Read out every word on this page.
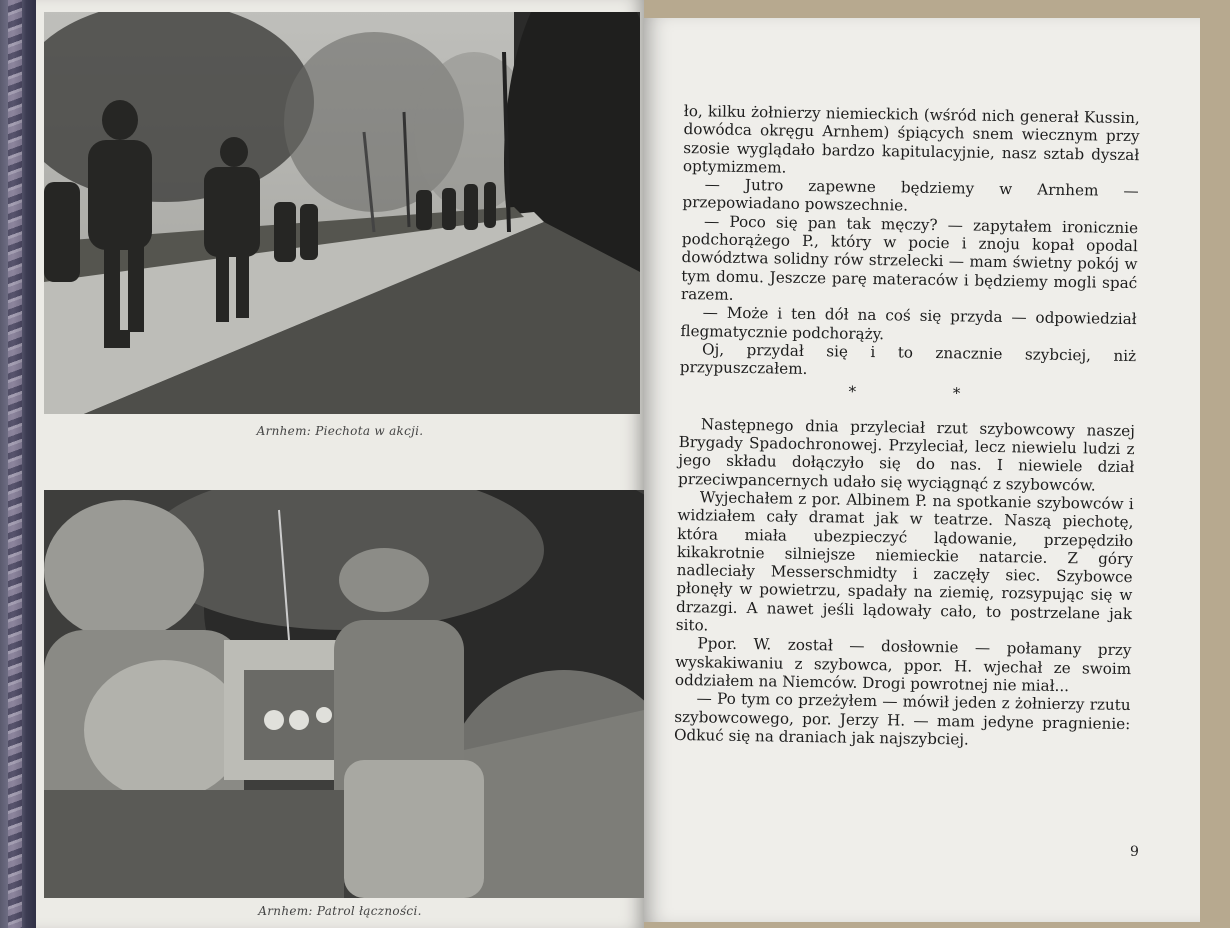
Arnhem: Piechota w akcji.
Arnhem: Patrol łączności.

ło, kilku żołnierzy niemieckich (wśród nich generał Kussin, dowódca okręgu Arnhem) śpiących snem wiecznym przy szosie wyglądało bardzo kapitulacyjnie, nasz sztab dyszał optymizmem.

— Jutro zapewne będziemy w Arnhem — przepowiadano powszechnie.

— Poco się pan tak męczy? — zapytałem ironicznie podchorążego P., który w pocie i znoju kopał opodal dowództwa solidny rów strzelecki — mam świetny pokój w tym domu. Jeszcze parę materaców i będziemy mogli spać razem.

— Może i ten dół na coś się przyda — odpowiedział flegmatycznie podchorąży.

Oj, przydał się i to znacznie szybciej, niż przypuszczałem.

* *

Następnego dnia przyleciał rzut szybowcowy naszej Brygady Spadochronowej. Przyleciał, lecz niewielu ludzi z jego składu dołączyło się do nas. I niewiele dział przeciwpancernych udało się wyciągnąć z szybowców.

Wyjechałem z por. Albinem P. na spotkanie szybowców i widziałem cały dramat jak w teatrze. Naszą piechotę, która miała ubezpieczyć lądowanie, przepędziło kikakrotnie silniejsze niemieckie natarcie. Z góry nadleciały Messerschmidty i zaczęły siec. Szybowce płonęły w powietrzu, spadały na ziemię, rozsypując się w drzazgi. A nawet jeśli lądowały cało, to postrzelane jak sito.

Ppor. W. został — dosłownie — połamany przy wyskakiwaniu z szybowca, ppor. H. wjechał ze swoim oddziałem na Niemców. Drogi powrotnej nie miał...

— Po tym co przeżyłem — mówił jeden z żołnierzy rzutu szybowcowego, por. Jerzy H. — mam jedyne pragnienie: Odkuć się na draniach jak najszybciej.

9
